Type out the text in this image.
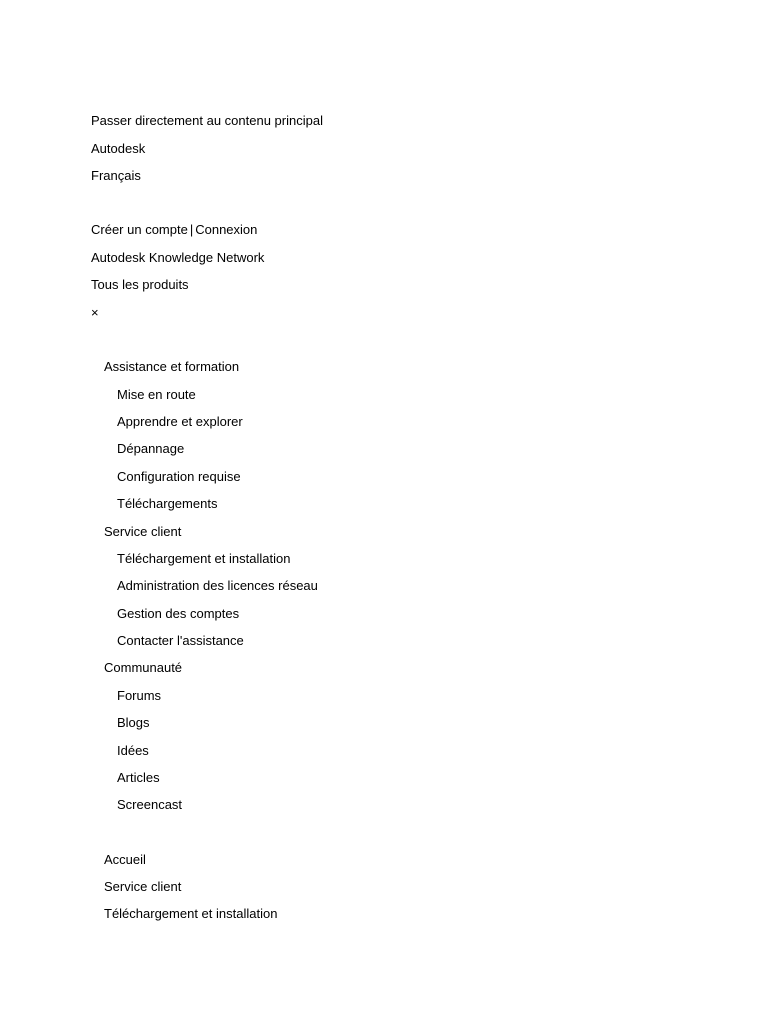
Passer directement au contenu principal
Autodesk
Français
Créer un compte | Connexion
Autodesk Knowledge Network
Tous les produits
×
Assistance et formation
Mise en route
Apprendre et explorer
Dépannage
Configuration requise
Téléchargements
Service client
Téléchargement et installation
Administration des licences réseau
Gestion des comptes
Contacter l'assistance
Communauté
Forums
Blogs
Idées
Articles
Screencast
Accueil
Service client
Téléchargement et installation
